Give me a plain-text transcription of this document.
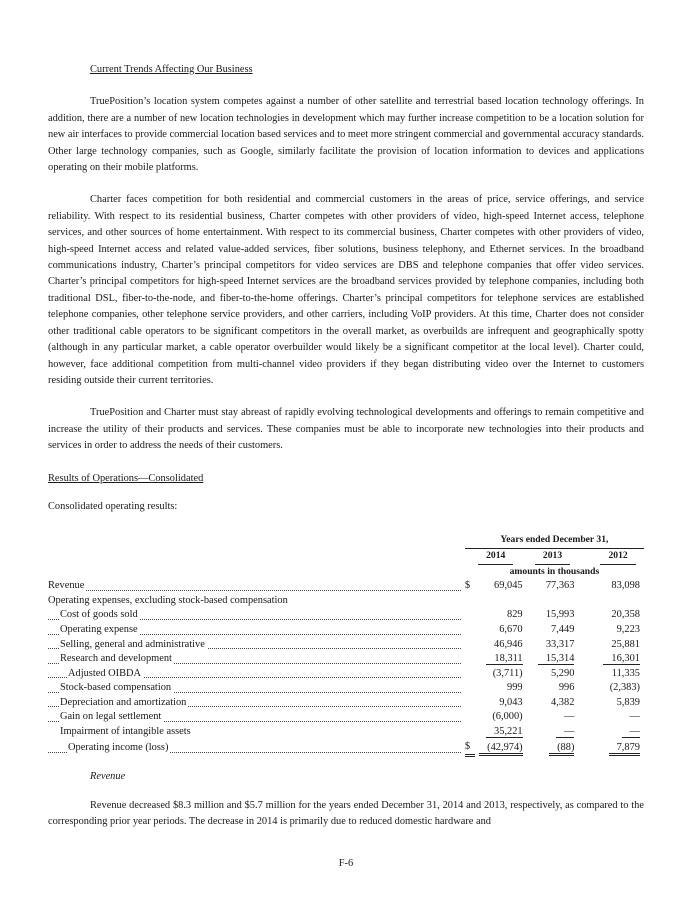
Current Trends Affecting Our Business

TruePosition’s location system competes against a number of other satellite and terrestrial based location technology offerings. In addition, there are a number of new location technologies in development which may further increase competition to be a location solution for new air interfaces to provide commercial location based services and to meet more stringent commercial and governmental accuracy standards. Other large technology companies, such as Google, similarly facilitate the provision of location information to devices and applications operating on their mobile platforms.

Charter faces competition for both residential and commercial customers in the areas of price, service offerings, and service reliability. With respect to its residential business, Charter competes with other providers of video, high-speed Internet access, telephone services, and other sources of home entertainment. With respect to its commercial business, Charter competes with other providers of video, high-speed Internet access and related value-added services, fiber solutions, business telephony, and Ethernet services. In the broadband communications industry, Charter’s principal competitors for video services are DBS and telephone companies that offer video services. Charter’s principal competitors for high-speed Internet services are the broadband services provided by telephone companies, including both traditional DSL, fiber-to-the-node, and fiber-to-the-home offerings. Charter’s principal competitors for telephone services are established telephone companies, other telephone service providers, and other carriers, including VoIP providers. At this time, Charter does not consider other traditional cable operators to be significant competitors in the overall market, as overbuilds are infrequent and geographically spotty (although in any particular market, a cable operator overbuilder would likely be a significant competitor at the local level). Charter could, however, face additional competition from multi-channel video providers if they began distributing video over the Internet to customers residing outside their current territories.

TruePosition and Charter must stay abreast of rapidly evolving technological developments and offerings to remain competitive and increase the utility of their products and services. These companies must be able to incorporate new technologies into their products and services in order to address the needs of their customers.

Results of Operations—Consolidated
Consolidated operating results:
	Years ended December 31,				
	2014		2013		2012
	amounts in thousands				

Revenue	$	69,045	77,363		83,098
Operating expenses, excluding stock-based compensation					

Cost of goods sold		829	15,993		20,358

Operating expense		6,670	7,449		9,223

Selling, general and administrative		46,946	33,317		25,881

Research and development		18,311	15,314		16,301

Adjusted OIBDA		(3,711)	5,290		11,335

Stock-based compensation		999	996		(2,383)

Depreciation and amortization		9,043	4,382		5,839

Gain on legal settlement		(6,000)	—		—
Impairment of intangible assets		35,221	—		—

Operating income (loss)	$	(42,974)	(88)		7,879
Revenue

Revenue decreased $8.3 million and $5.7 million for the years ended December 31, 2014 and 2013, respectively, as compared to the corresponding prior year periods. The decrease in 2014 is primarily due to reduced domestic hardware and

F-6
